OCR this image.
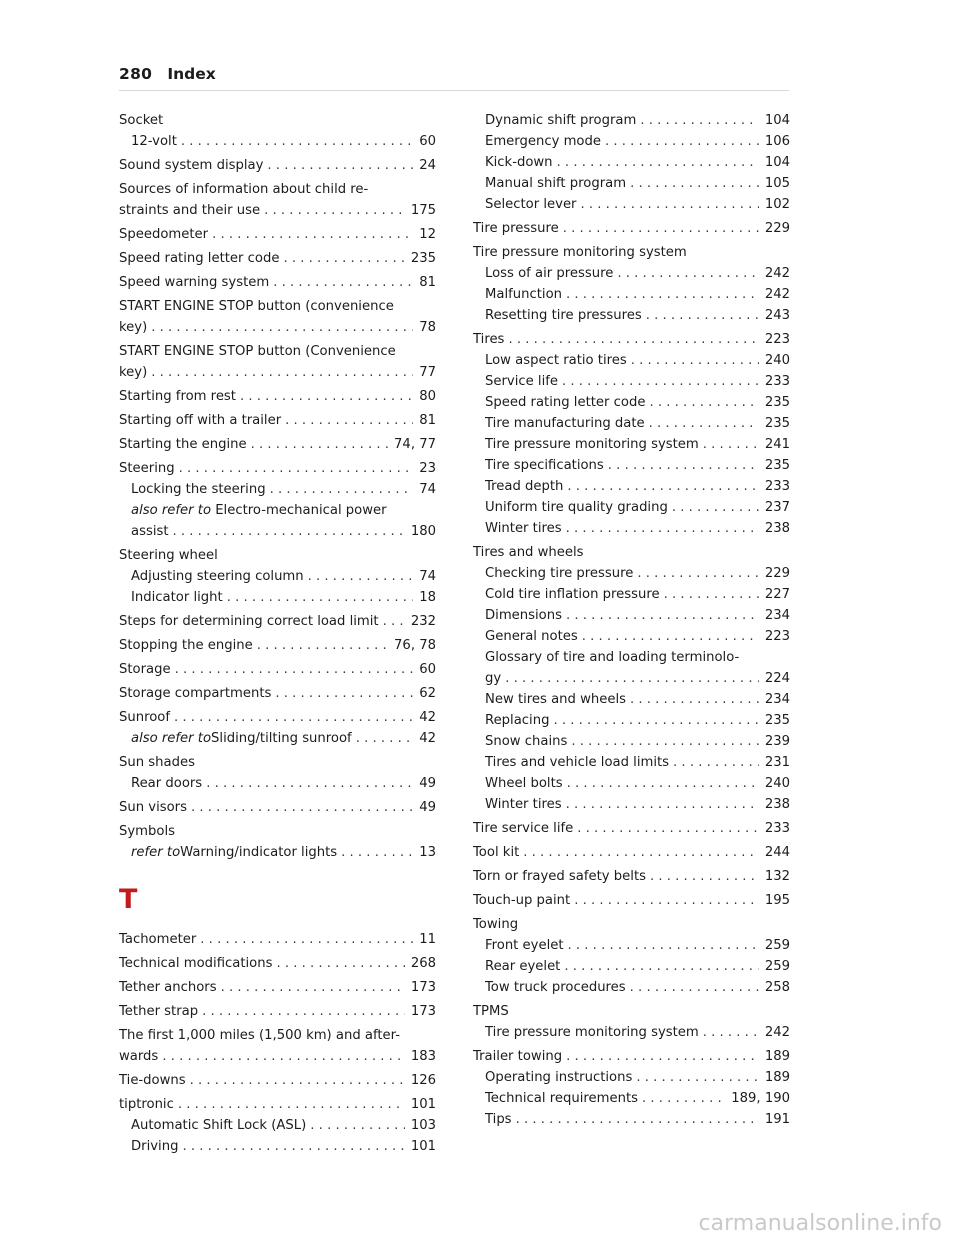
280 Index
Socket
12-volt . . .	60
Sound system display . . .	24
Sources of information about child re-
straints and their use . . .	175
Speedometer . . .	12
Speed rating letter code . . .	235
Speed warning system . . .	81
START ENGINE STOP button (convenience
key) . . .	78
START ENGINE STOP button (Convenience
key) . . .	77
Starting from rest . . .	80
Starting off with a trailer . . .	81
Starting the engine . . .	74, 77
Steering . . .	23
Locking the steering . . .	74
also refer to Electro-mechanical power
assist . . .	180
Steering wheel
Adjusting steering column . . .	74
Indicator light . . .	18
Steps for determining correct load limit . . . 232
Stopping the engine . . .	76, 78
Storage . . .	60
Storage compartments . . .	62
Sunroof . . .	42
also refer to Sliding/tilting sunroof . . .	42
Sun shades
Rear doors . . .	49
Sun visors . . .	49
Symbols
refer to Warning/indicator lights . . .	13
T
Tachometer . . .	11
Technical modifications . . .	268
Tether anchors . . .	173
Tether strap . . .	173
The first 1,000 miles (1,500 km) and after-
wards . . .	183
Tie-downs . . .	126
tiptronic . . .	101
Automatic Shift Lock (ASL) . . .	103
Driving . . .	101
Dynamic shift program . . .	104
Emergency mode . . .	106
Kick-down . . .	104
Manual shift program . . .	105
Selector lever . . .	102
Tire pressure . . .	229
Tire pressure monitoring system
Loss of air pressure . . .	242
Malfunction . . .	242
Resetting tire pressures . . .	243
Tires . . .	223
Low aspect ratio tires . . .	240
Service life . . .	233
Speed rating letter code . . .	235
Tire manufacturing date . . .	235
Tire pressure monitoring system . . .	241
Tire specifications . . .	235
Tread depth . . .	233
Uniform tire quality grading . . .	237
Winter tires . . .	238
Tires and wheels
Checking tire pressure . . .	229
Cold tire inflation pressure . . .	227
Dimensions . . .	234
General notes . . .	223
Glossary of tire and loading terminolo-
gy . . .	224
New tires and wheels . . .	234
Replacing . . .	235
Snow chains . . .	239
Tires and vehicle load limits . . .	231
Wheel bolts . . .	240
Winter tires . . .	238
Tire service life . . .	233
Tool kit . . .	244
Torn or frayed safety belts . . .	132
Touch-up paint . . .	195
Towing
Front eyelet . . .	259
Rear eyelet . . .	259
Tow truck procedures . . .	258
TPMS
Tire pressure monitoring system . . .	242
Trailer towing . . .	189
Operating instructions . . .	189
Technical requirements . . .	189, 190
Tips . . .	191
carmanualsonline.info
